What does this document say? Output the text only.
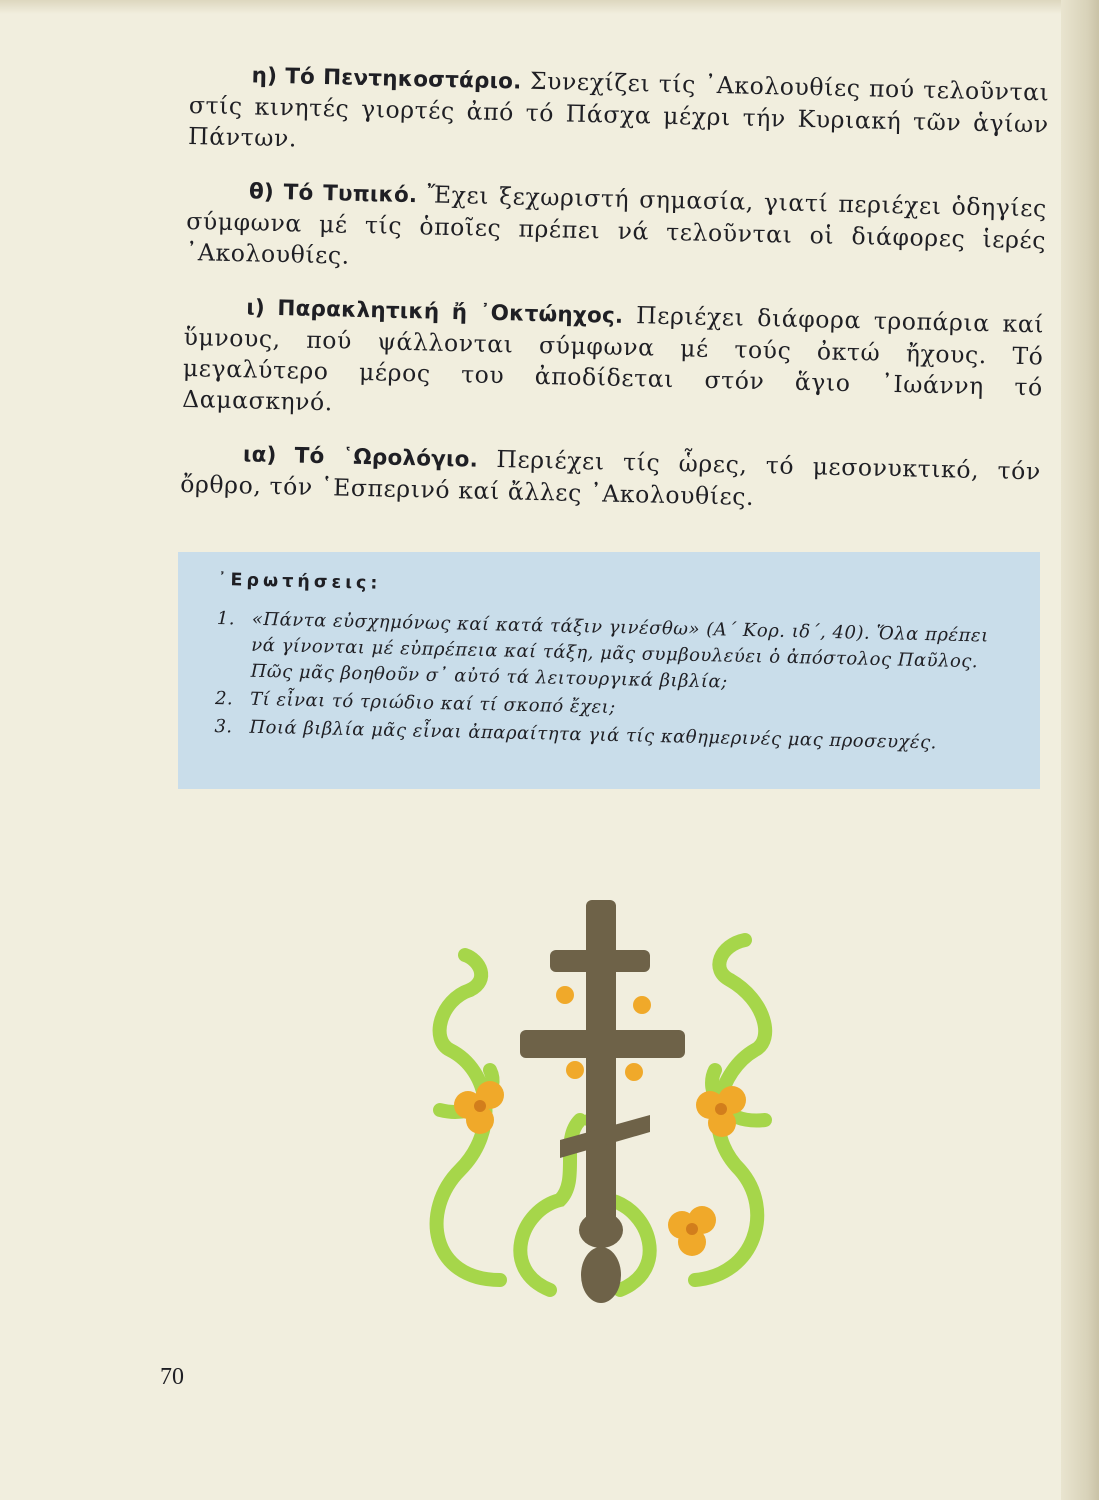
η) Τό Πεντηκοστάριο. Συνεχίζει τίς ᾿Ακολουθίες πού τελοῦνται στίς κινητές γιορτές ἀπό τό Πάσχα μέχρι τήν Κυριακή τῶν ἁγίων Πάντων.

θ) Τό Τυπικό. Ἔχει ξεχωριστή σημασία, γιατί περιέχει ὁδηγίες σύμφωνα μέ τίς ὁποῖες πρέπει νά τελοῦνται οἱ διάφορες ἱερές ᾿Ακολουθίες.

ι) Παρακλητική ἤ ᾿Οκτώηχος. Περιέχει διάφορα τροπάρια καί ὕμνους, πού ψάλλονται σύμφωνα μέ τούς ὀκτώ ἤχους. Τό μεγαλύτερο μέρος του ἀποδίδεται στόν ἅγιο ᾿Ιωάννη τό Δαμασκηνό.

ια) Τό ῾Ωρολόγιο. Περιέχει τίς ὧρες, τό μεσονυκτικό, τόν ὄρθρο, τόν ῾Εσπερινό καί ἄλλες ᾿Ακολουθίες.

᾿Ερωτήσεις:
1. «Πάντα εὐσχημόνως καί κατά τάξιν γινέσθω» (Α΄ Κορ. ιδ΄, 40). Ὅλα πρέπει νά γίνονται μέ εὐπρέπεια καί τάξη, μᾶς συμβουλεύει ὁ ἀπόστολος Παῦλος. Πῶς μᾶς βοηθοῦν σ᾿ αὐτό τά λειτουργικά βιβλία;
2. Τί εἶναι τό τριώδιο καί τί σκοπό ἔχει;
3. Ποιά βιβλία μᾶς εἶναι ἀπαραίτητα γιά τίς καθημερινές μας προσευχές.
70
